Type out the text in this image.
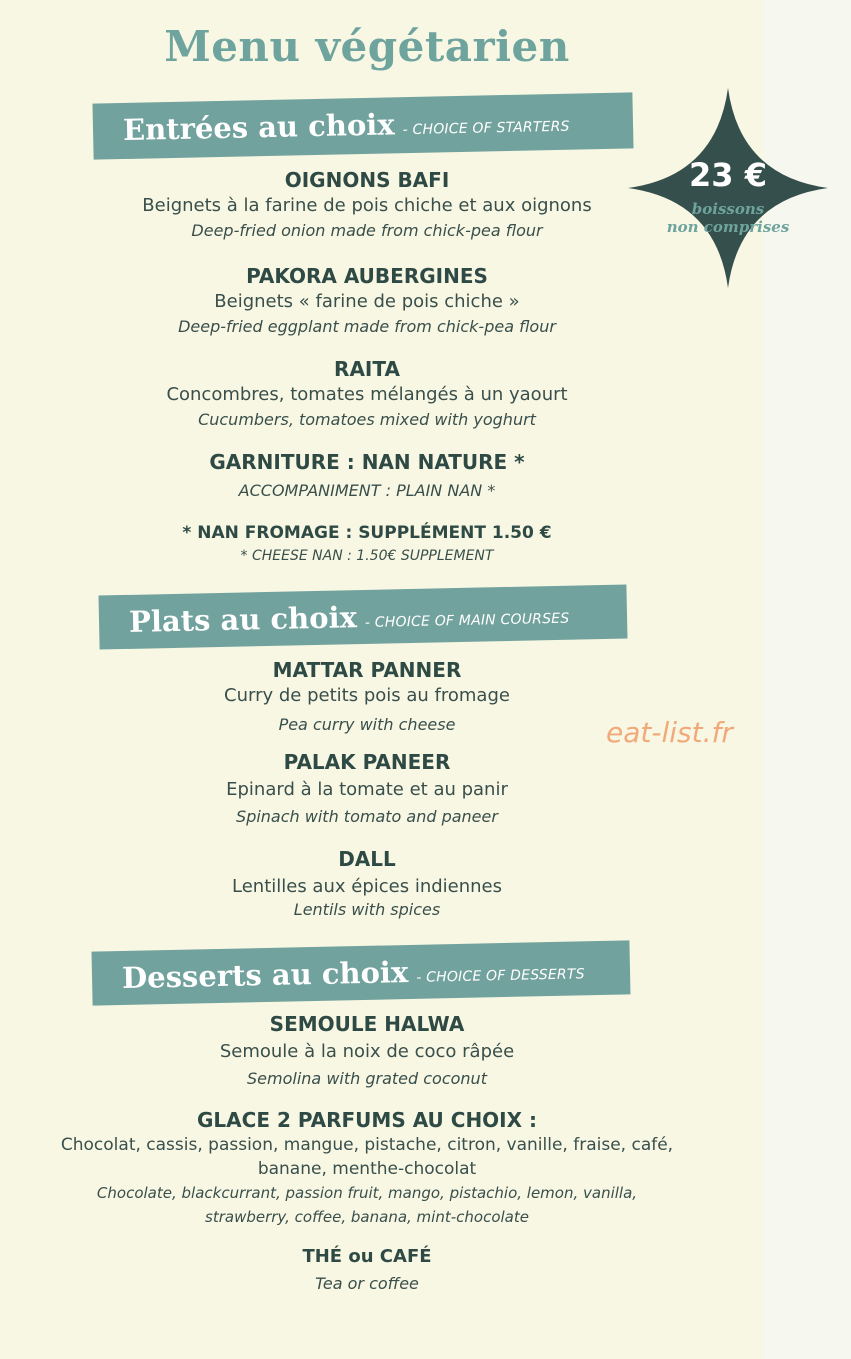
Menu végétarien
23 €
boissons
non comprises
Entrées au choix - CHOICE OF STARTERS
OIGNONS BAFI
Beignets à la farine de pois chiche et aux oignons
Deep-fried onion made from chick-pea flour
PAKORA AUBERGINES
Beignets « farine de pois chiche »
Deep-fried eggplant made from chick-pea flour
RAITA
Concombres, tomates mélangés à un yaourt
Cucumbers, tomatoes mixed with yoghurt
GARNITURE : NAN NATURE *
ACCOMPANIMENT : PLAIN NAN *
* NAN FROMAGE : SUPPLÉMENT 1.50 €
* CHEESE NAN : 1.50€ SUPPLEMENT
Plats au choix - CHOICE OF MAIN COURSES
MATTAR PANNER
Curry de petits pois au fromage
Pea curry with cheese
PALAK PANEER
Epinard à la tomate et au panir
Spinach with tomato and paneer
DALL
Lentilles aux épices indiennes
Lentils with spices
eat-list.fr
Desserts au choix - CHOICE OF DESSERTS
SEMOULE HALWA
Semoule à la noix de coco râpée
Semolina with grated coconut
GLACE 2 PARFUMS AU CHOIX :
Chocolat, cassis, passion, mangue, pistache, citron, vanille, fraise, café,
banane, menthe-chocolat
Chocolate, blackcurrant, passion fruit, mango, pistachio, lemon, vanilla,
strawberry, coffee, banana, mint-chocolate
THÉ ou CAFÉ
Tea or coffee
